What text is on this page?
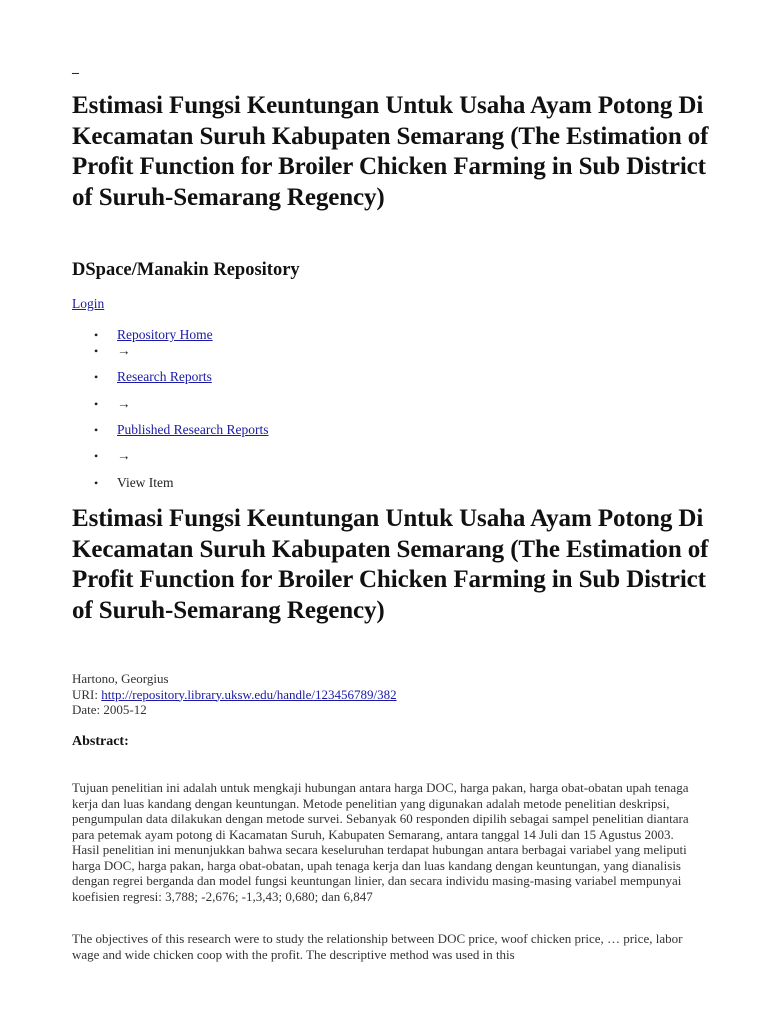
_
Estimasi Fungsi Keuntungan Untuk Usaha Ayam Potong Di Kecamatan Suruh Kabupaten Semarang (The Estimation of Profit Function for Broiler Chicken Farming in Sub District of Suruh-Semarang Regency)
DSpace/Manakin Repository
Login
• Repository Home
• →
• Research Reports
• →
• Published Research Reports
• →
• View Item
Estimasi Fungsi Keuntungan Untuk Usaha Ayam Potong Di Kecamatan Suruh Kabupaten Semarang (The Estimation of Profit Function for Broiler Chicken Farming in Sub District of Suruh-Semarang Regency)
Hartono, Georgius
URI: http://repository.library.uksw.edu/handle/123456789/382
Date: 2005-12
Abstract:

Tujuan penelitian ini adalah untuk mengkaji hubungan antara harga DOC, harga pakan, harga obat-obatan upah tenaga kerja dan luas kandang dengan keuntungan. Metode penelitian yang digunakan adalah metode penelitian deskripsi, pengumpulan data dilakukan dengan metode survei. Sebanyak 60 responden dipilih sebagai sampel penelitian diantara para petemak ayam potong di Kacamatan Suruh, Kabupaten Semarang, antara tanggal 14 Juli dan 15 Agustus 2003. Hasil penelitian ini menunjukkan bahwa secara keseluruhan terdapat hubungan antara berbagai variabel yang meliputi harga DOC, harga pakan, harga obat-obatan, upah tenaga kerja dan luas kandang dengan keuntungan, yang dianalisis dengan regrei berganda dan model fungsi keuntungan linier, dan secara individu masing-masing variabel mempunyai koefisien regresi: 3,788; -2,676; -1,3,43; 0,680; dan 6,847

The objectives of this research were to study the relationship between DOC price, woof chicken price, … price, labor wage and wide chicken coop with the profit. The descriptive method was used in this
